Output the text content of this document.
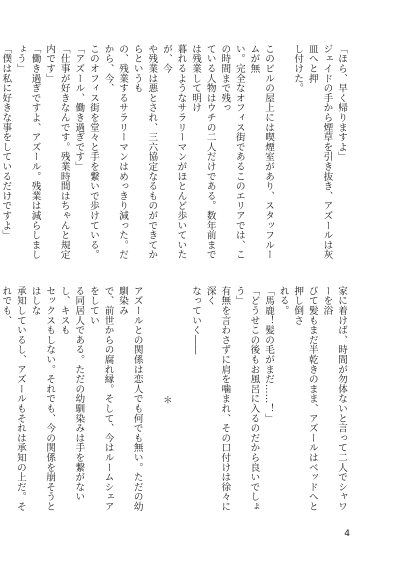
「ほら、早く帰りますよ」
ジェイドの手から煙草を引き抜き、アズールは灰皿へと押
し付けた。

このビルの屋上には喫煙室があり、スタッフルームが無
い。完全なオフィス街であるこのエリアでは、この時間まで残っ
ている人物はウチの二人だけである。数年前までは残業して明け
暮れるようなサラリーマンがほとんど歩いていたが、今
や残業は悪とされ、三六協定なるものができてからというも
の、残業するサラリーマンはめっきり減った。だから、今、
このオフィス街を堂々と手を繋いで歩けている。
「アズール、働き過ぎです」
「仕事が好きなんです。残業時間はちゃんと規定内です」
「働き過ぎですよ、アズール。残業は減らしましょう」
「僕は私に好きな事をしているだけですよ」
家に着けば、時間が勿体ないと言って二人でシャワーを浴
びて髪もまだ半乾きのまま、アズールはベッドへと押し倒さ
れる。
「馬鹿！髪の毛がまだ……！」
「どうせこの後もお風呂に入るのだから良いでしょう」
有無を言わさずに肩を噛まれ、その口付けは徐々に深く
なっていく――

＊

アズールとの関係は恋人でも何でも無い。ただの幼馴染み
で、前世からの腐れ縁。そして、今はルームシェアをしてい
る同居人である。ただの幼馴染みは手を繋がないし、キスも
セックスもしない。それでも、今の関係を崩そうとはしな
承知しているし、アズールもそれは承知の上だ。それでも、

4
